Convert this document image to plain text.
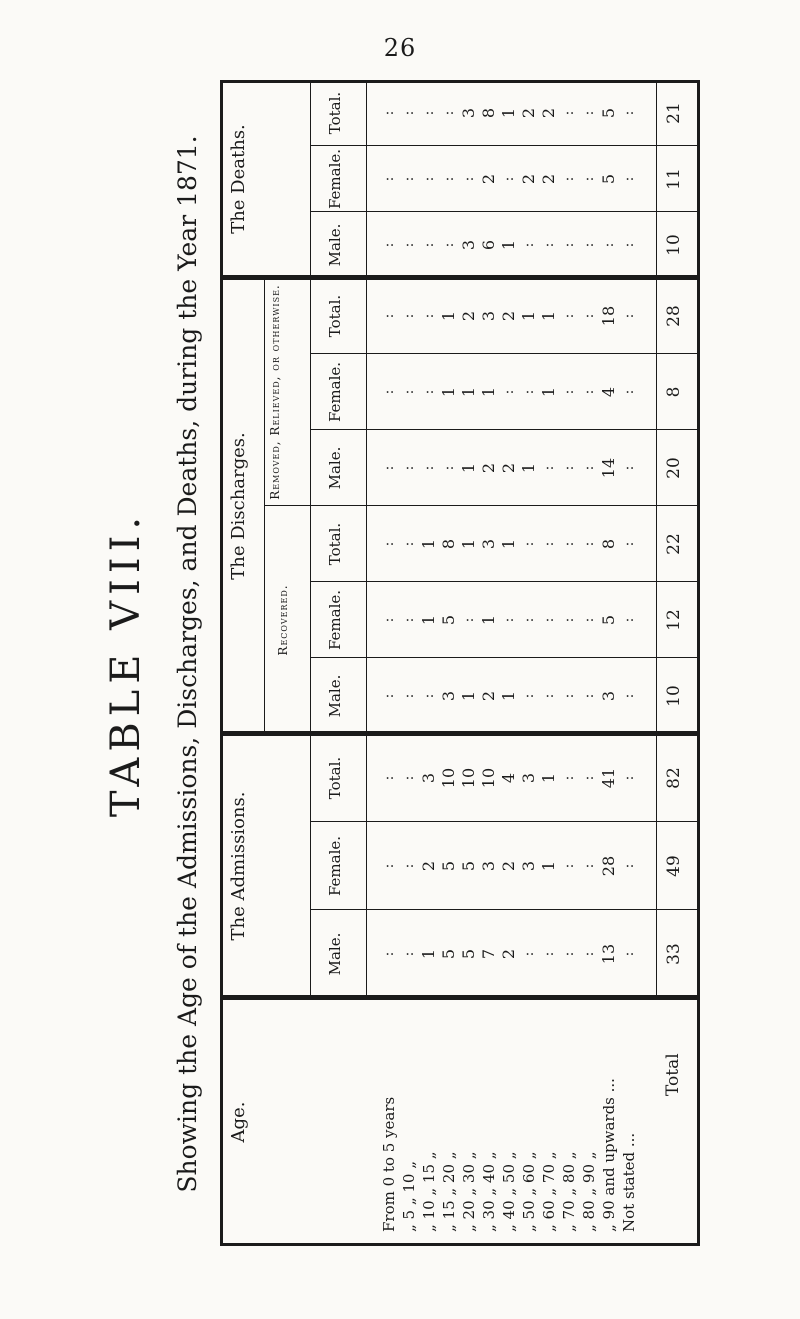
26
TABLE VIII. Showing the Age of the Admissions, Discharges, and Deaths, during the Year 1871. Age.
The Admissions.
The Discharges.
The Deaths.
Recovered.
Removed, Relieved, or otherwise.
Male.
Female.
Total.
Male.
Female.
Total.
Male.
Female.
Total.
Male.
Female.
Total.
From 0 to 5 years „ 5 „ 10 „ „ 10 „ 15 „ „ 15 „ 20 „ „ 20 „ 30 „ „ 30 „ 40 „ „ 40 „ 50 „ „ 50 „ 60 „ „ 60 „ 70 „ „ 70 „ 80 „ „ 80 „ 90 „ „ 90 and upwards ... Not stated ...
Total
: : 1 5 5 7 2 : : : : 13 : 33
: : 2 5 5 3 2 3 1 : : 28 : 49
: : 3 10 10 10 4 3 1 : : 41 : 82
: : : 3 1 2 1 : : : : 3 : 10
: : 1 5 : 1 : : : : : 5 : 12
: : 1 8 1 3 1 : : : : 8 : 22
: : : : 1 2 2 1 : : : 14 : 20
: : : 1 1 1 : : 1 : : 4 : 8
: : : 1 2 3 2 1 1 : : 18 : 28
: : : : 3 6 1 : : : : : : 10
: : : : : 2 : 2 2 : : 5 : 11
: : : : 3 8 1 2 2 : : 5 : 21
